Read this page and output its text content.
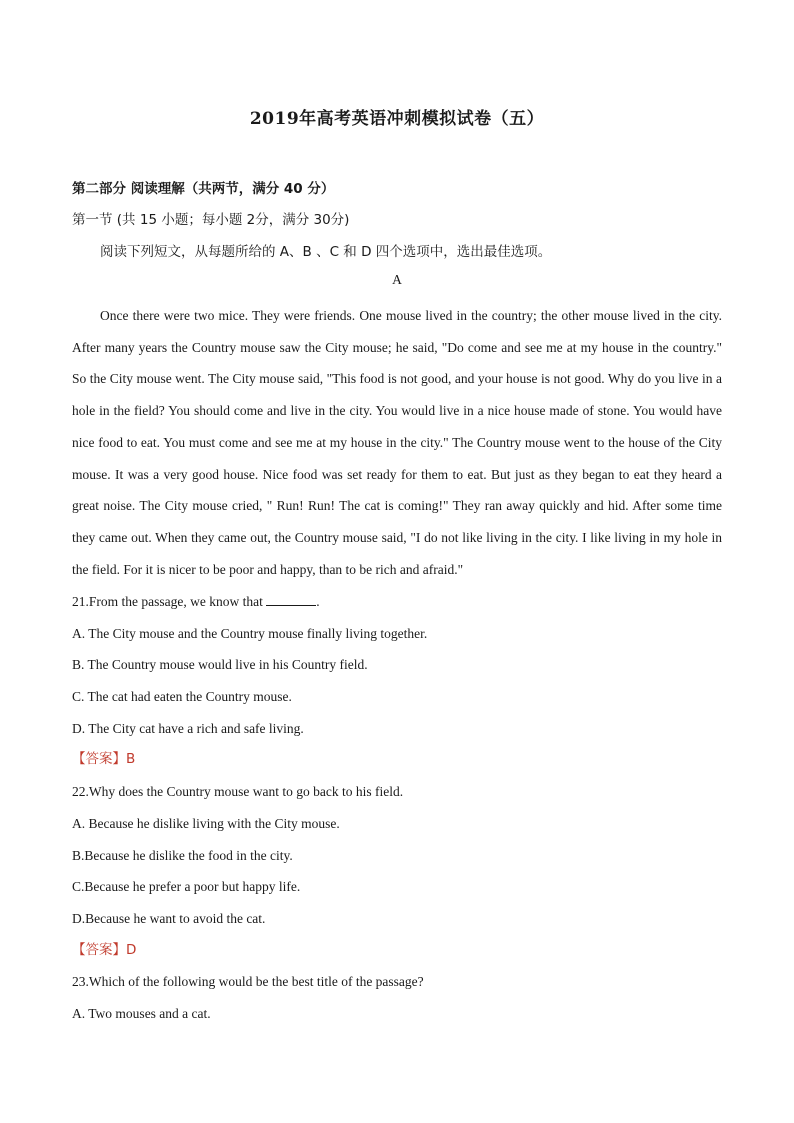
2019年高考英语冲刺模拟试卷（五）
第二部分 阅读理解（共两节，满分 40 分）
第一节 (共 15 小题；每小题 2分，满分 30分)
阅读下列短文，从每题所给的 A、B 、C 和 D 四个选项中，选出最佳选项。
A

Once there were two mice. They were friends. One mouse lived in the country; the other mouse lived in the city. After many years the Country mouse saw the City mouse; he said, "Do come and see me at my house in the country." So the City mouse went. The City mouse said, "This food is not good, and your house is not good. Why do you live in a hole in the field? You should come and live in the city. You would live in a nice house made of stone. You would have nice food to eat. You must come and see me at my house in the city." The Country mouse went to the house of the City mouse. It was a very good house. Nice food was set ready for them to eat. But just as they began to eat they heard a great noise. The City mouse cried, " Run! Run! The cat is coming!" They ran away quickly and hid. After some time they came out. When they came out, the Country mouse said, "I do not like living in the city. I like living in my hole in the field. For it is nicer to be poor and happy, than to be rich and afraid."

21.From the passage, we know that	.
A. The City mouse and the Country mouse finally living together.
B. The Country mouse would live in his Country field.
C. The cat had eaten the Country mouse.
D. The City cat have a rich and safe living.
【答案】B
22.Why does the Country mouse want to go back to his field.
A. Because he dislike living with the City mouse.
B.Because he dislike the food in the city.
C.Because he prefer a poor but happy life.
D.Because he want to avoid the cat.
【答案】D
23.Which of the following would be the best title of the passage?
A. Two mouses and a cat.
